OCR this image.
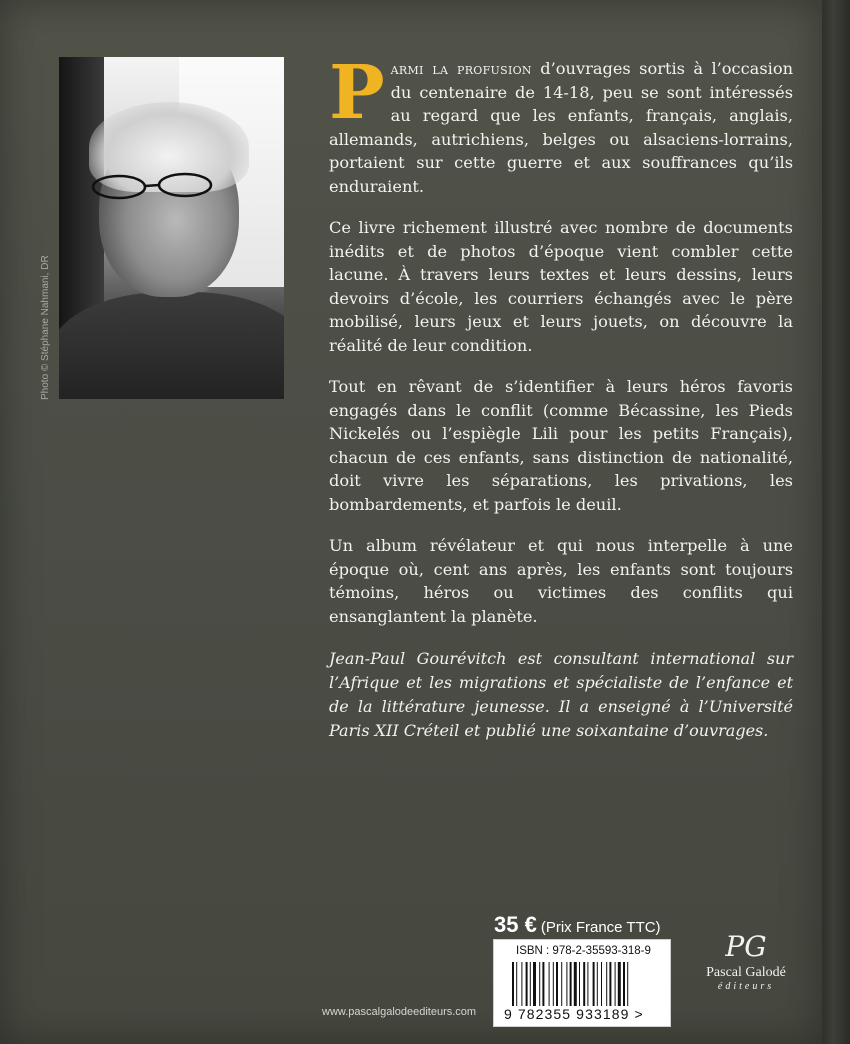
Photo © Stéphane Nahmani, DR

Parmi la profusion d’ouvrages sortis à l’occasion du centenaire de 14-18, peu se sont intéressés au regard que les enfants, français, anglais, allemands, autrichiens, belges ou alsaciens-lorrains, portaient sur cette guerre et aux souffrances qu’ils enduraient.

Ce livre richement illustré avec nombre de documents inédits et de photos d’époque vient combler cette lacune. À travers leurs textes et leurs dessins, leurs devoirs d’école, les courriers échangés avec le père mobilisé, leurs jeux et leurs jouets, on découvre la réalité de leur condition.

Tout en rêvant de s’identifier à leurs héros favoris engagés dans le conflit (comme Bécassine, les Pieds Nickelés ou l’espiègle Lili pour les petits Français), chacun de ces enfants, sans distinction de nationalité, doit vivre les séparations, les privations, les bombardements, et parfois le deuil.

Un album révélateur et qui nous interpelle à une époque où, cent ans après, les enfants sont toujours témoins, héros ou victimes des conflits qui ensanglantent la planète.

Jean-Paul Gourévitch est consultant international sur l’Afrique et les migrations et spécialiste de l’enfance et de la littérature jeunesse. Il a enseigné à l’Université Paris XII Créteil et publié une soixantaine d’ouvrages.
35 € (Prix France TTC)
ISBN : 978-2-35593-318-9
9 782355 933189 >
PG
Pascal Galodé
éditeurs
www.pascalgalodeediteurs.com
